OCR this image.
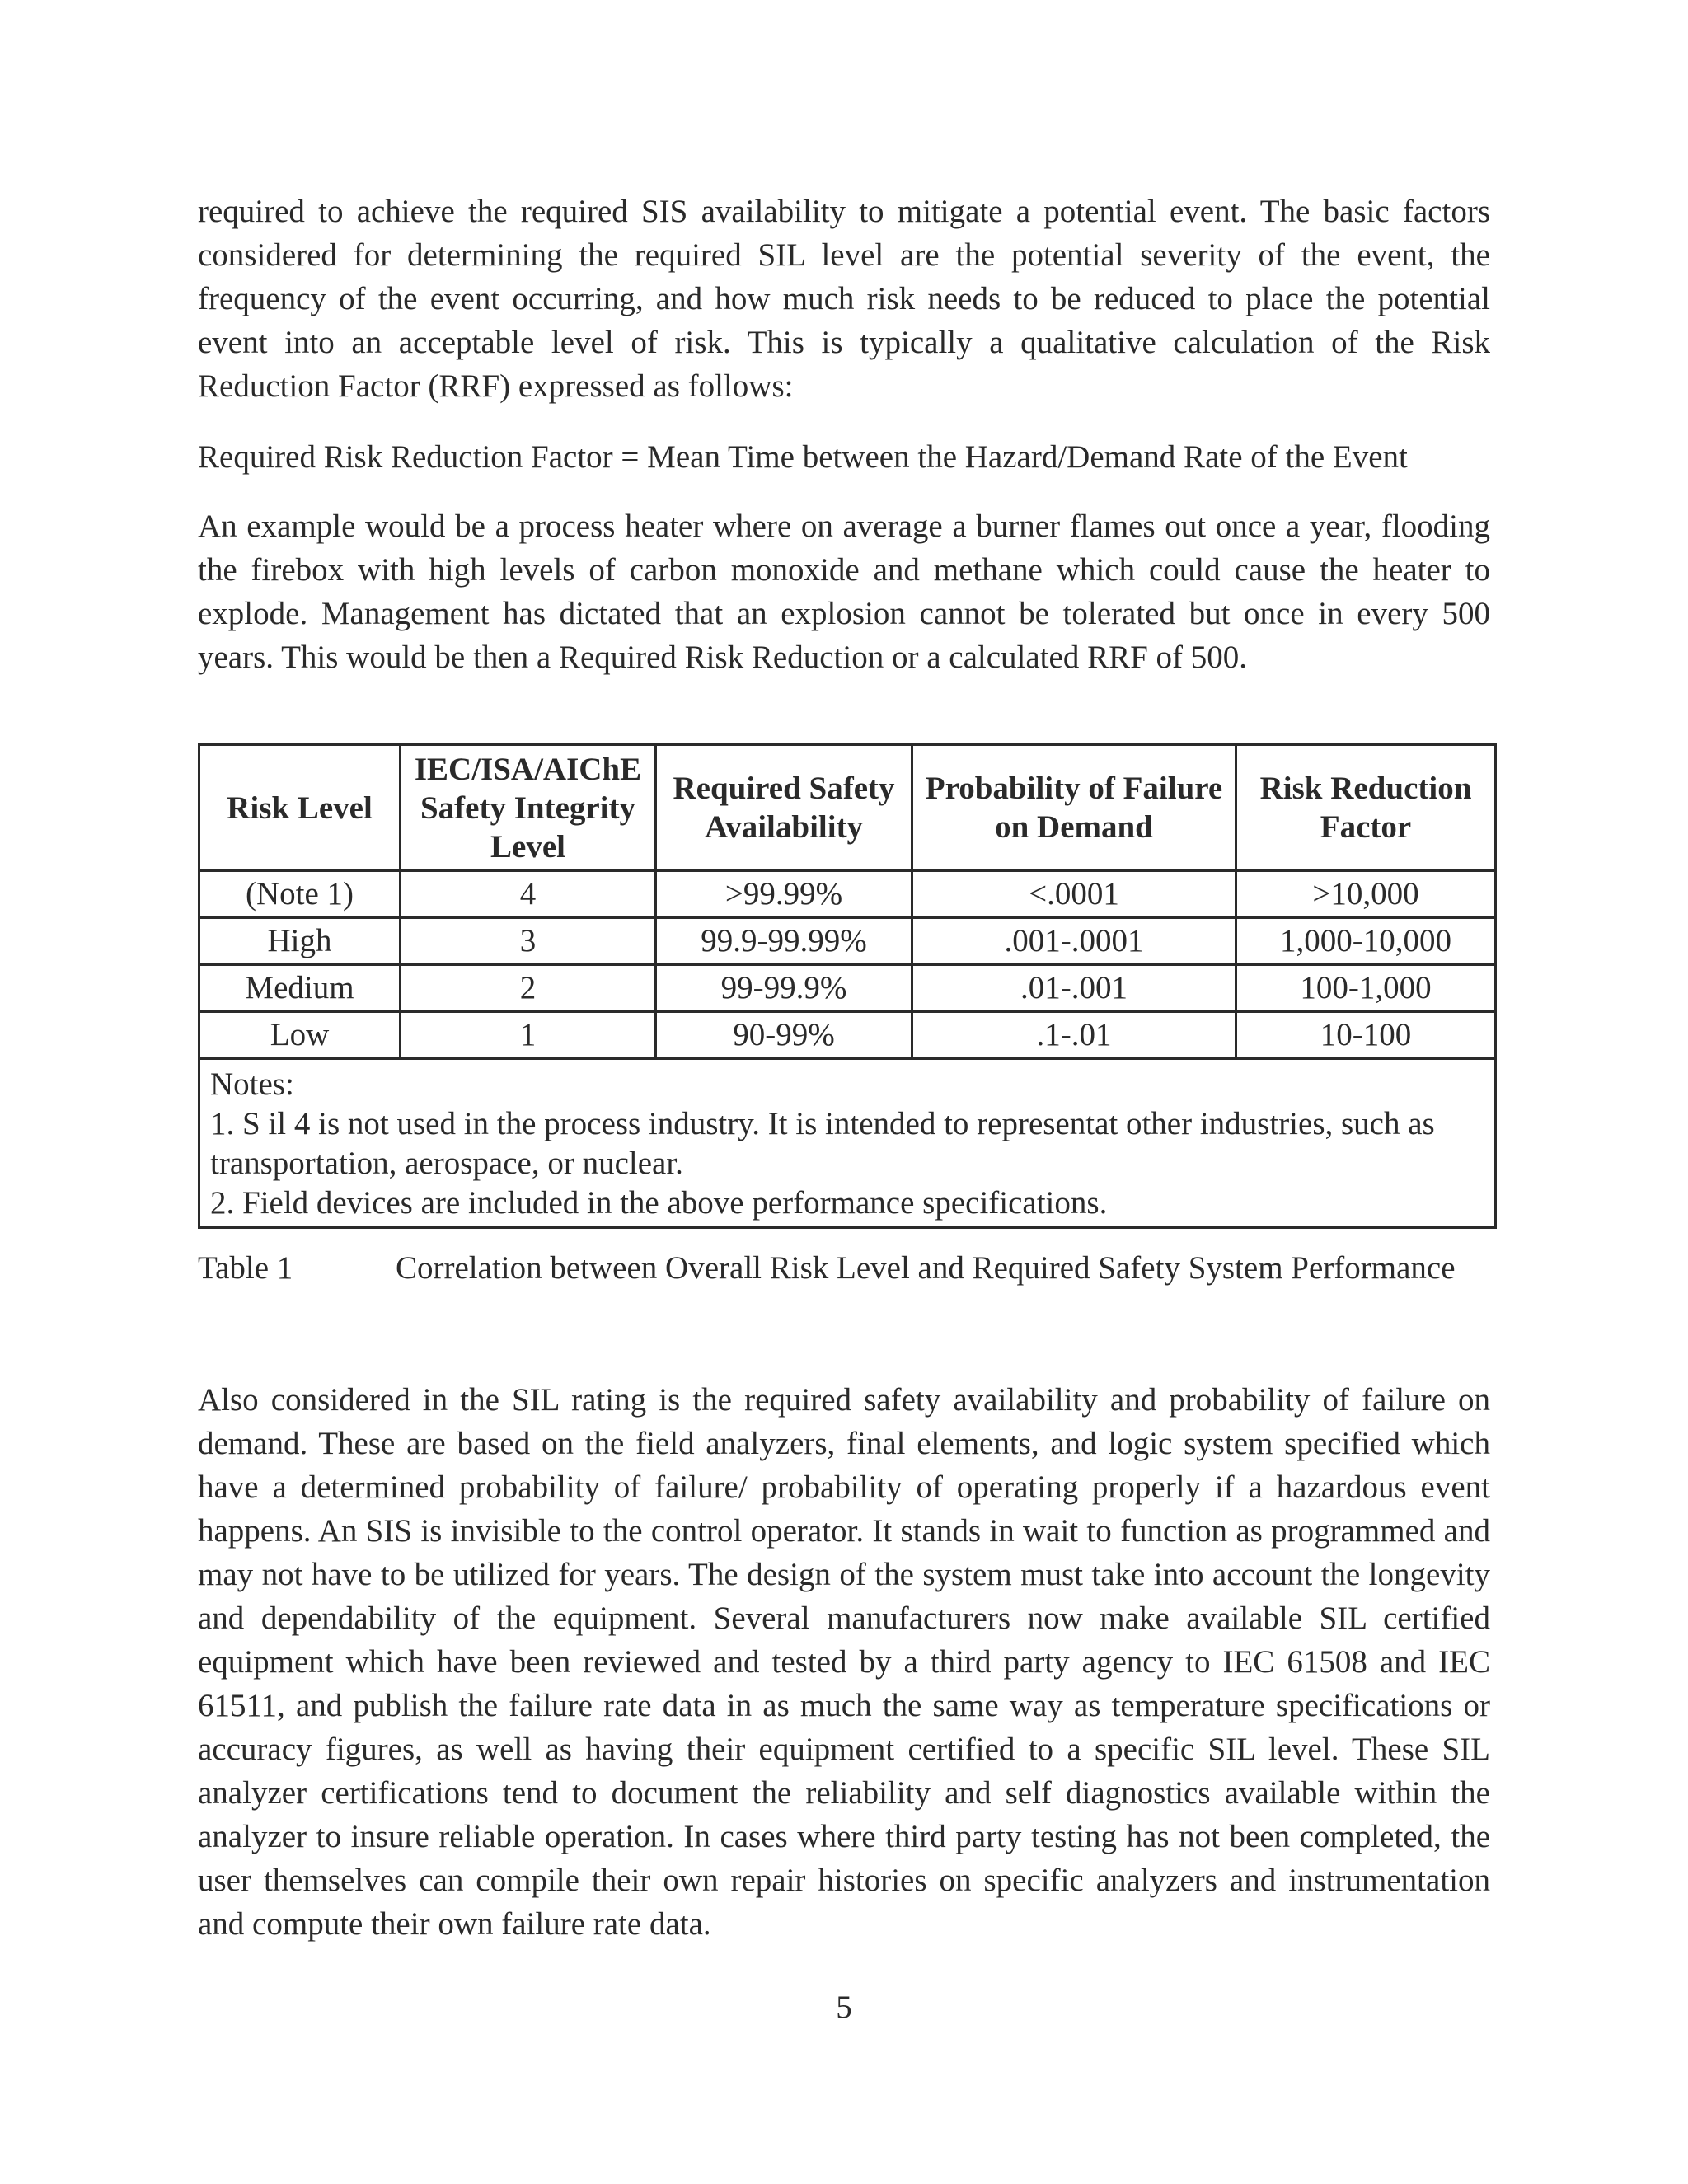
required to achieve the required SIS availability to mitigate a potential event. The basic factors considered for determining the required SIL level are the potential severity of the event, the frequency of the event occurring, and how much risk needs to be reduced to place the potential event into an acceptable level of risk. This is typically a qualitative calculation of the Risk Reduction Factor (RRF) expressed as follows:

Required Risk Reduction Factor = Mean Time between the Hazard/Demand Rate of the Event

An example would be a process heater where on average a burner flames out once a year, flooding the firebox with high levels of carbon monoxide and methane which could cause the heater to explode. Management has dictated that an explosion cannot be tolerated but once in every 500 years. This would be then a Required Risk Reduction or a calculated RRF of 500.

Risk Level	IEC/ISA/AIChE Safety Integrity Level	Required Safety Availability	Probability of Failure on Demand	Risk Reduction Factor
(Note 1)	4	>99.99%	<.0001	>10,000
High	3	99.9-99.99%	.001-.0001	1,000-10,000
Medium	2	99-99.9%	.01-.001	100-1,000
Low	1	90-99%	.1-.01	10-100

Notes:
1. S il 4 is not used in the process industry. It is intended to representat other industries, such as transportation, aerospace, or nuclear.
2. Field devices are included in the above performance specifications.				
Table 1	Correlation between Overall Risk Level and Required Safety System Performance

Also considered in the SIL rating is the required safety availability and probability of failure on demand. These are based on the field analyzers, final elements, and logic system specified which have a determined probability of failure/ probability of operating properly if a hazardous event happens. An SIS is invisible to the control operator. It stands in wait to function as programmed and may not have to be utilized for years. The design of the system must take into account the longevity and dependability of the equipment. Several manufacturers now make available SIL certified equipment which have been reviewed and tested by a third party agency to IEC 61508 and IEC 61511, and publish the failure rate data in as much the same way as temperature specifications or accuracy figures, as well as having their equipment certified to a specific SIL level. These SIL analyzer certifications tend to document the reliability and self diagnostics available within the analyzer to insure reliable operation. In cases where third party testing has not been completed, the user themselves can compile their own repair histories on specific analyzers and instrumentation and compute their own failure rate data.

5
